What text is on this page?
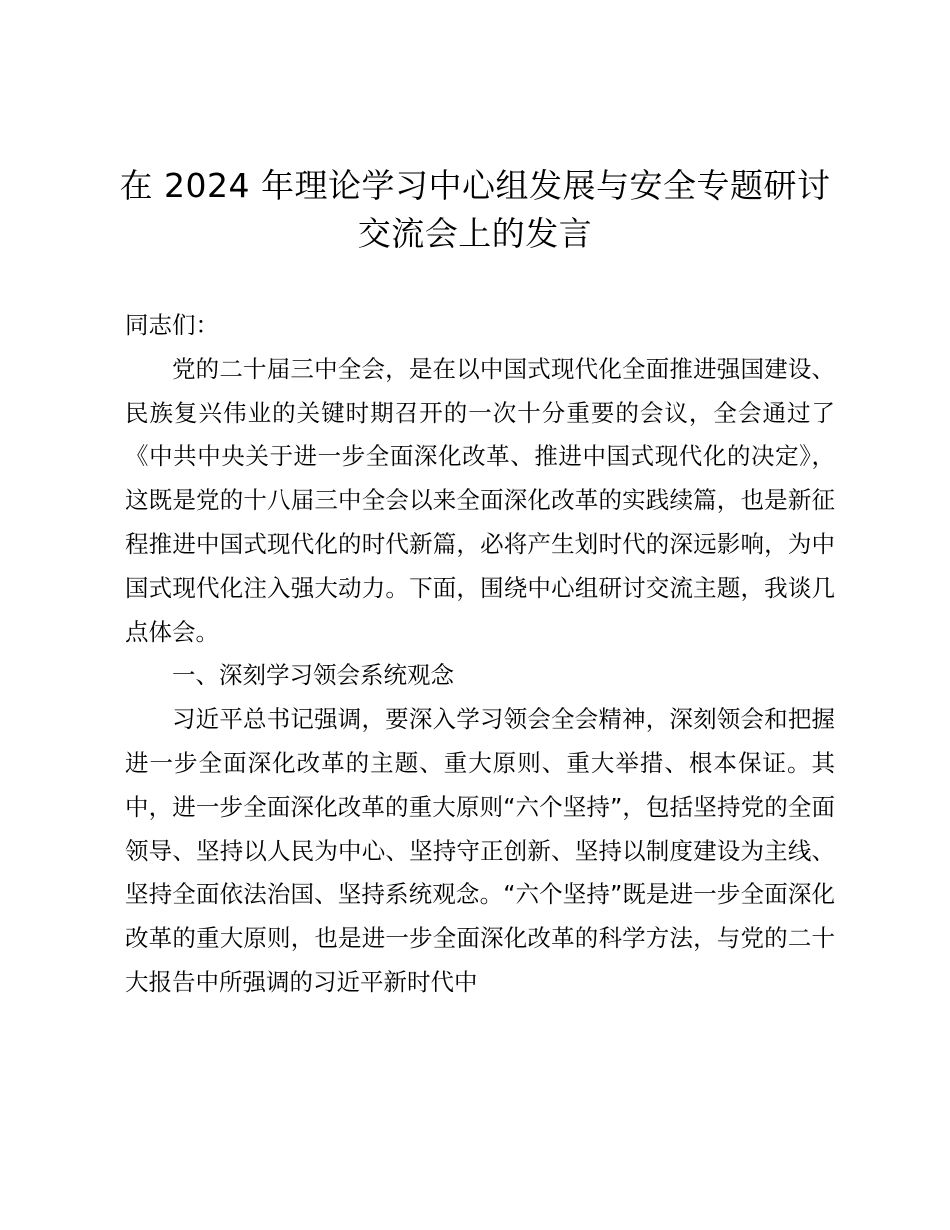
在 2024 年理论学习中心组发展与安全专题研讨
交流会上的发言

同志们：

党的二十届三中全会，是在以中国式现代化全面推进强国建设、民族复兴伟业的关键时期召开的一次十分重要的会议，全会通过了《中共中央关于进一步全面深化改革、推进中国式现代化的决定》，这既是党的十八届三中全会以来全面深化改革的实践续篇，也是新征程推进中国式现代化的时代新篇，必将产生划时代的深远影响，为中国式现代化注入强大动力。下面，围绕中心组研讨交流主题，我谈几点体会。

一、深刻学习领会系统观念

习近平总书记强调，要深入学习领会全会精神，深刻领会和把握进一步全面深化改革的主题、重大原则、重大举措、根本保证。其中，进一步全面深化改革的重大原则“六个坚持”，包括坚持党的全面领导、坚持以人民为中心、坚持守正创新、坚持以制度建设为主线、坚持全面依法治国、坚持系统观念。“六个坚持”既是进一步全面深化改革的重大原则，也是进一步全面深化改革的科学方法，与党的二十大报告中所强调的习近平新时代中
